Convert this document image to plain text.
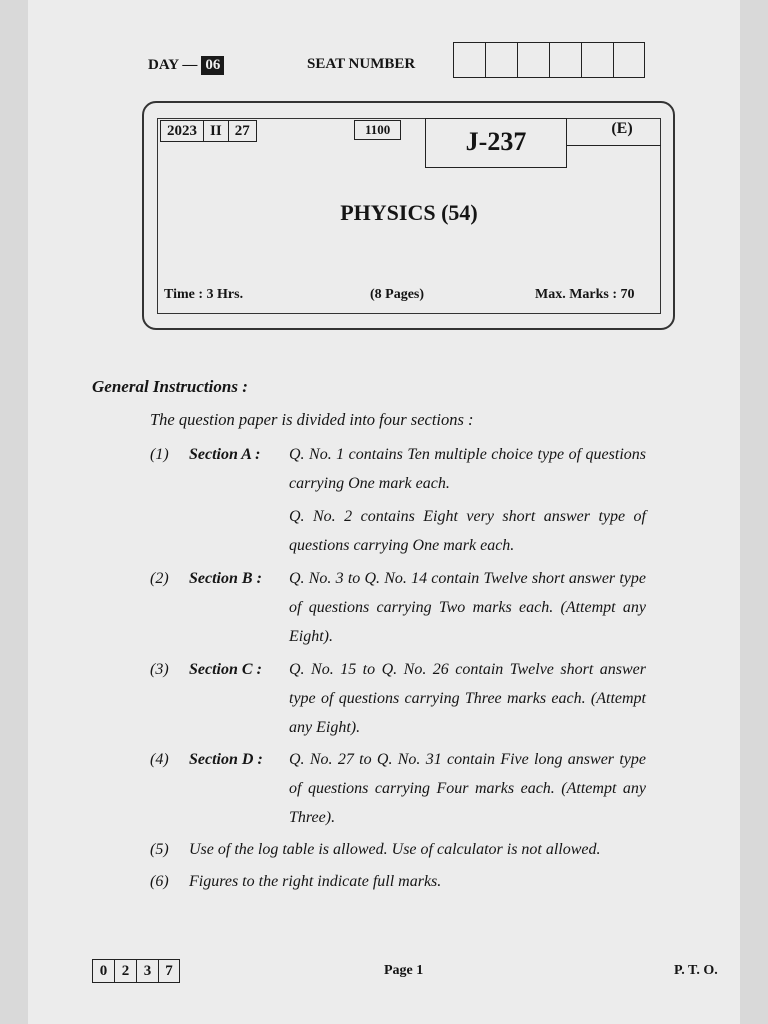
DAY — 06	SEAT NUMBER
2023 II 27	1100	J-237	(E)
PHYSICS (54)
Time : 3 Hrs.	(8 Pages)	Max. Marks : 70
General Instructions :
The question paper is divided into four sections :
(1) Section A : Q. No. 1 contains Ten multiple choice type of questions carrying One mark each.
Q. No. 2 contains Eight very short answer type of questions carrying One mark each.
(2) Section B : Q. No. 3 to Q. No. 14 contain Twelve short answer type of questions carrying Two marks each. (Attempt any Eight).
(3) Section C : Q. No. 15 to Q. No. 26 contain Twelve short answer type of questions carrying Three marks each. (Attempt any Eight).
(4) Section D : Q. No. 27 to Q. No. 31 contain Five long answer type of questions carrying Four marks each. (Attempt any Three).
(5) Use of the log table is allowed. Use of calculator is not allowed.
(6) Figures to the right indicate full marks.
0 2 3 7	Page 1	P. T. O.
